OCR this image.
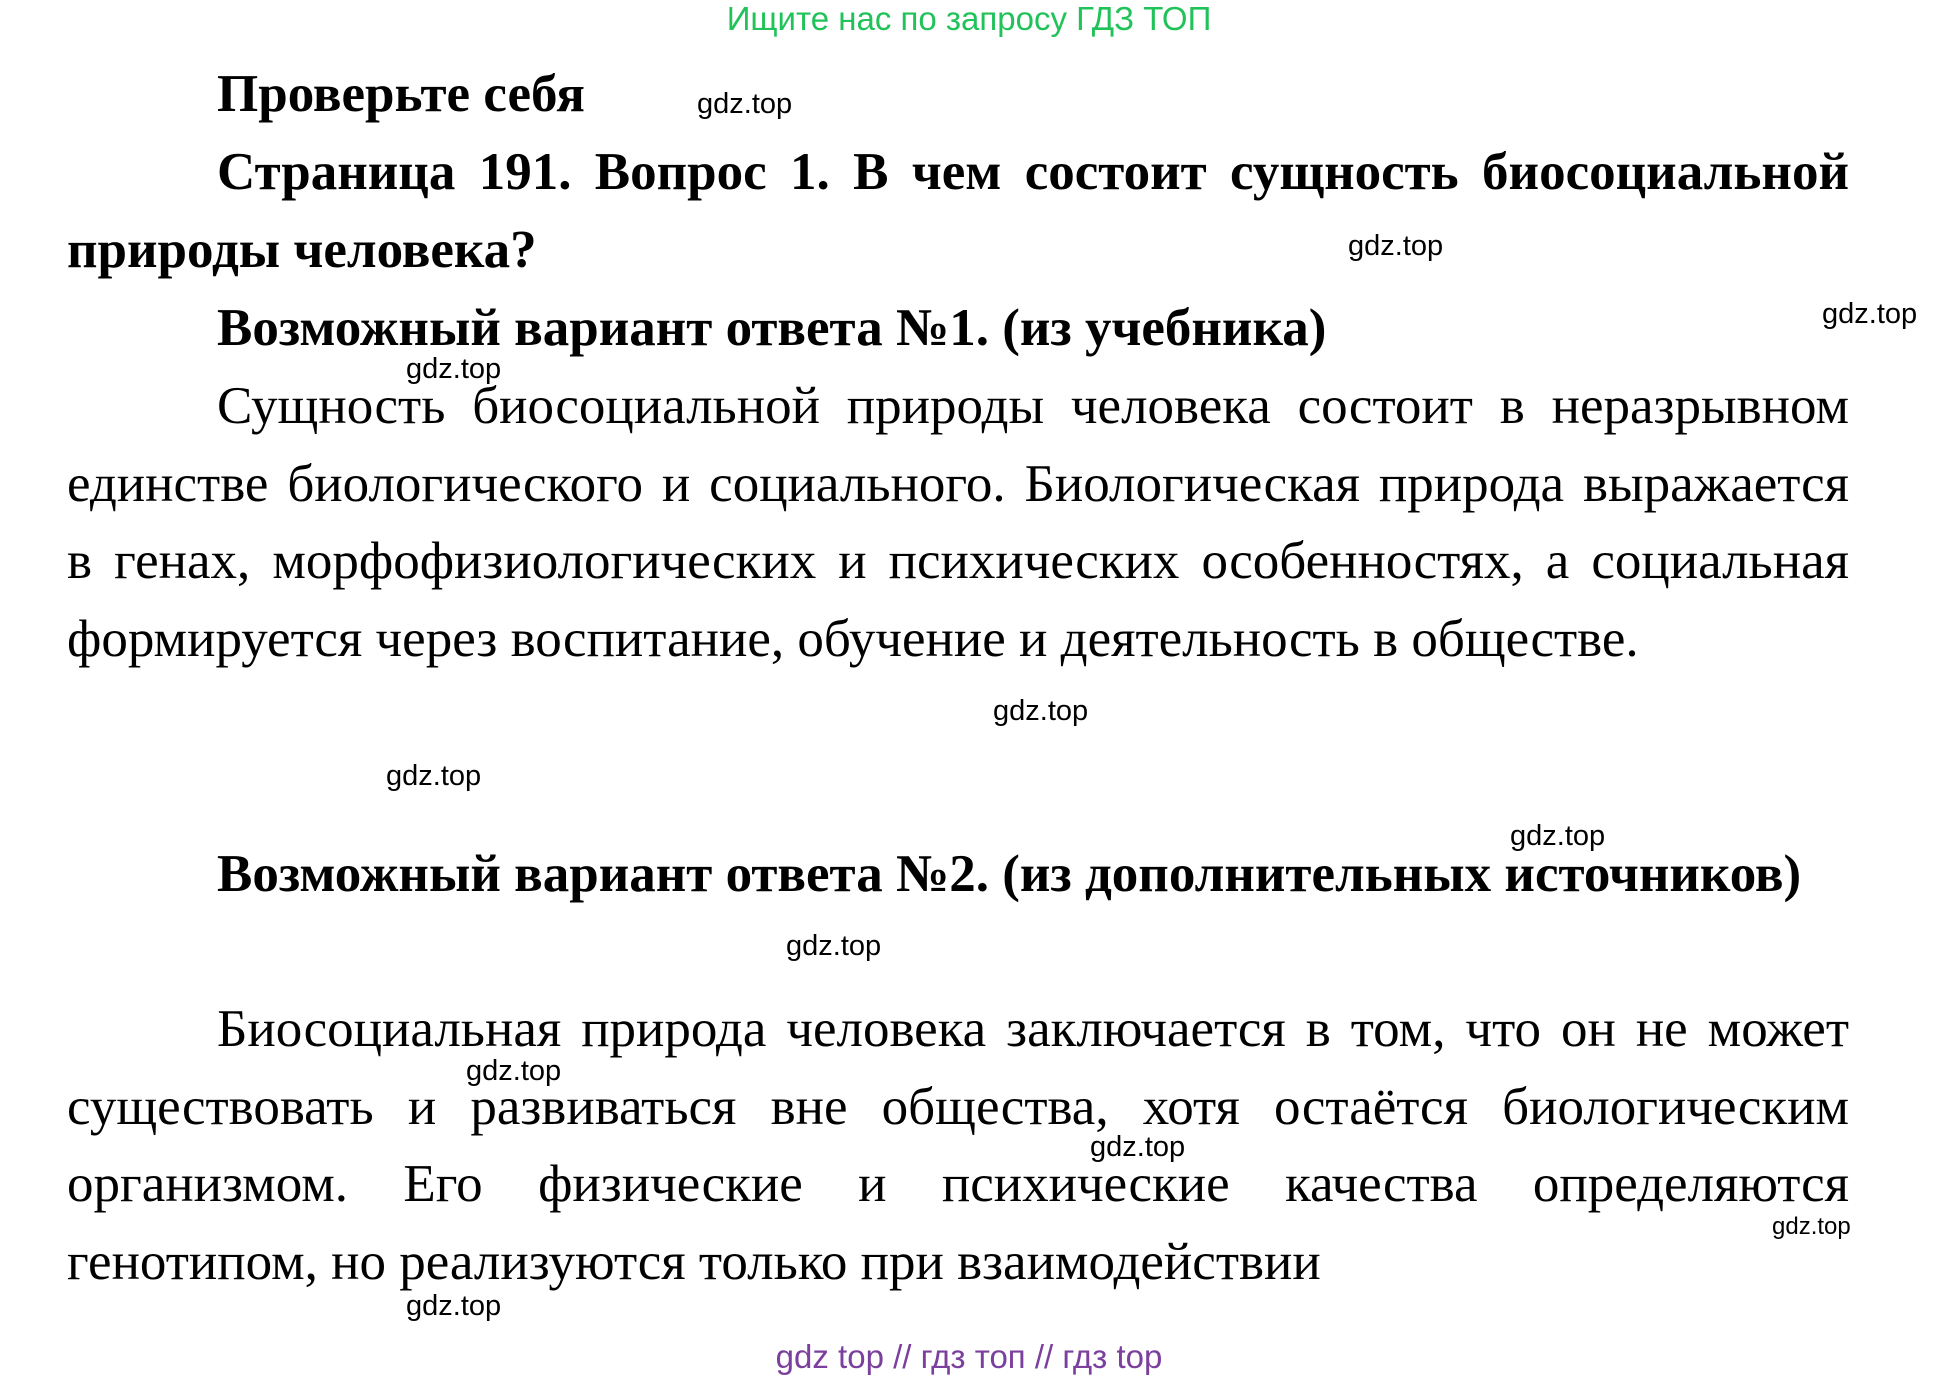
Ищите нас по запросу ГДЗ ТОП
Проверьте себя

Страница 191. Вопрос 1. В чем состоит сущность биосоциальной природы человека?

Возможный вариант ответа №1. (из учебника)

Сущность биосоциальной природы человека состоит в неразрывном единстве биологического и социального. Биологическая природа выражается в генах, морфофизиологических и психических особенностях, а социальная формируется через воспитание, обучение и деятельность в обществе.

Возможный вариант ответа №2. (из дополнительных источников)

Биосоциальная природа человека заключается в том, что он не может существовать и развиваться вне общества, хотя остаётся биологическим организмом. Его физические и психические качества определяются генотипом, но реализуются только при взаимодействии

gdz.top
gdz.top
gdz.top
gdz.top
gdz.top
gdz.top
gdz.top
gdz.top
gdz.top
gdz.top
gdz.top
gdz.top
gdz top // гдз топ // гдз top
